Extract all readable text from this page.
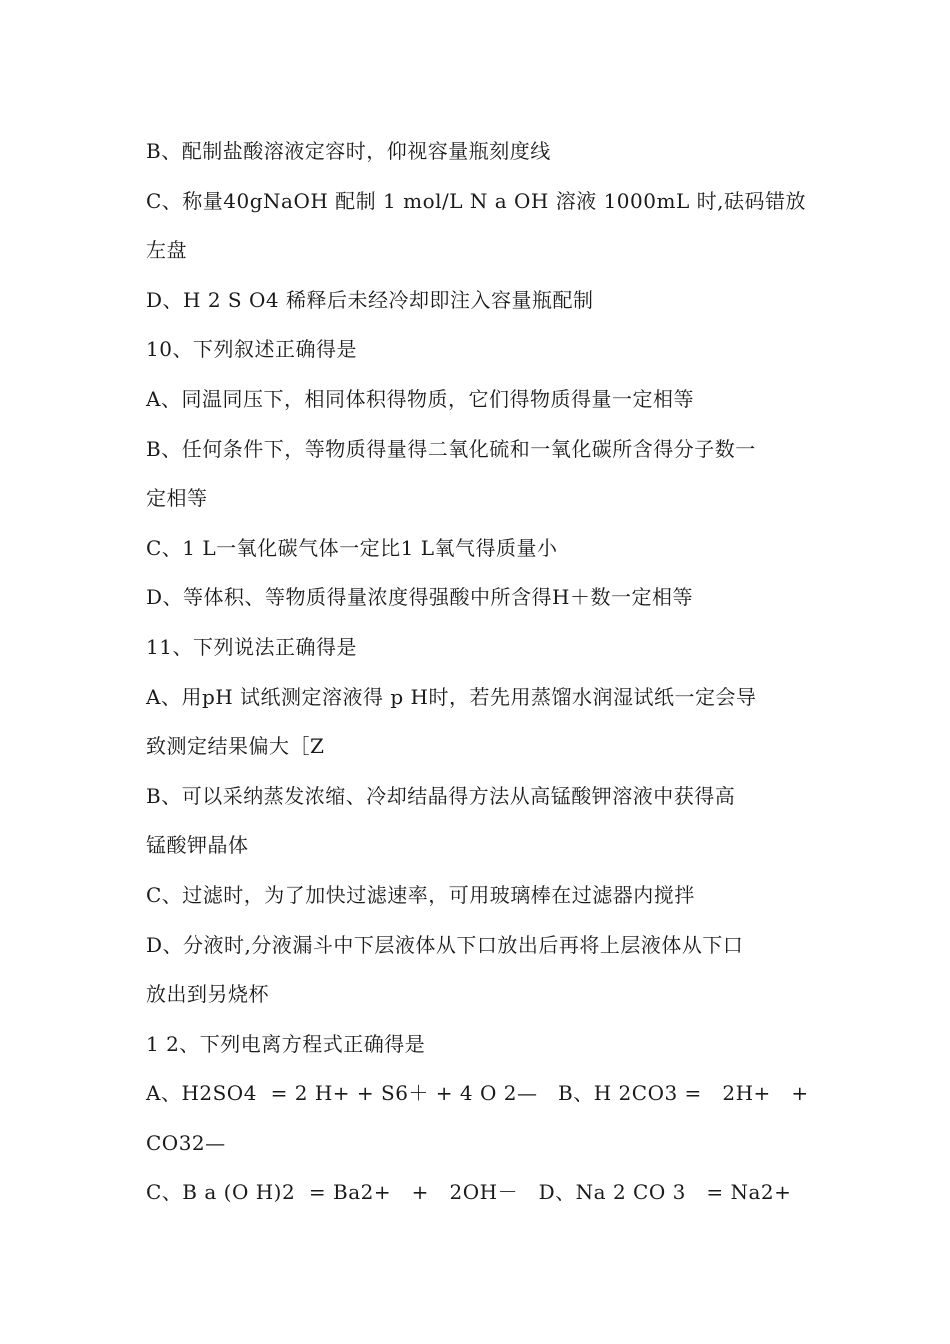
B、配制盐酸溶液定容时，仰视容量瓶刻度线
C、称量40gNaOH 配制 1 mol/L N a OH 溶液 1000mL 时,砝码错放
左盘
D、H 2 S O4 稀释后未经冷却即注入容量瓶配制
10、下列叙述正确得是
A、同温同压下，相同体积得物质，它们得物质得量一定相等
B、任何条件下，等物质得量得二氧化硫和一氧化碳所含得分子数一
定相等
C、1 L一氧化碳气体一定比1 L氧气得质量小
D、等体积、等物质得量浓度得强酸中所含得H＋数一定相等
11、下列说法正确得是
A、用pH 试纸测定溶液得 p H时，若先用蒸馏水润湿试纸一定会导
致测定结果偏大［Z
B、可以采纳蒸发浓缩、冷却结晶得方法从高锰酸钾溶液中获得高
锰酸钾晶体
C、过滤时，为了加快过滤速率，可用玻璃棒在过滤器内搅拌
D、分液时,分液漏斗中下层液体从下口放出后再将上层液体从下口
放出到另烧杯
1 2、下列电离方程式正确得是
A、H2SO4  = 2 H+ + S6＋ + 4 O 2—   B、H 2CO3 =   2H+   +
CO32—
C、B a (O H)2  = Ba2+   +   2OH－   D、Na 2 CO 3   = Na2+
